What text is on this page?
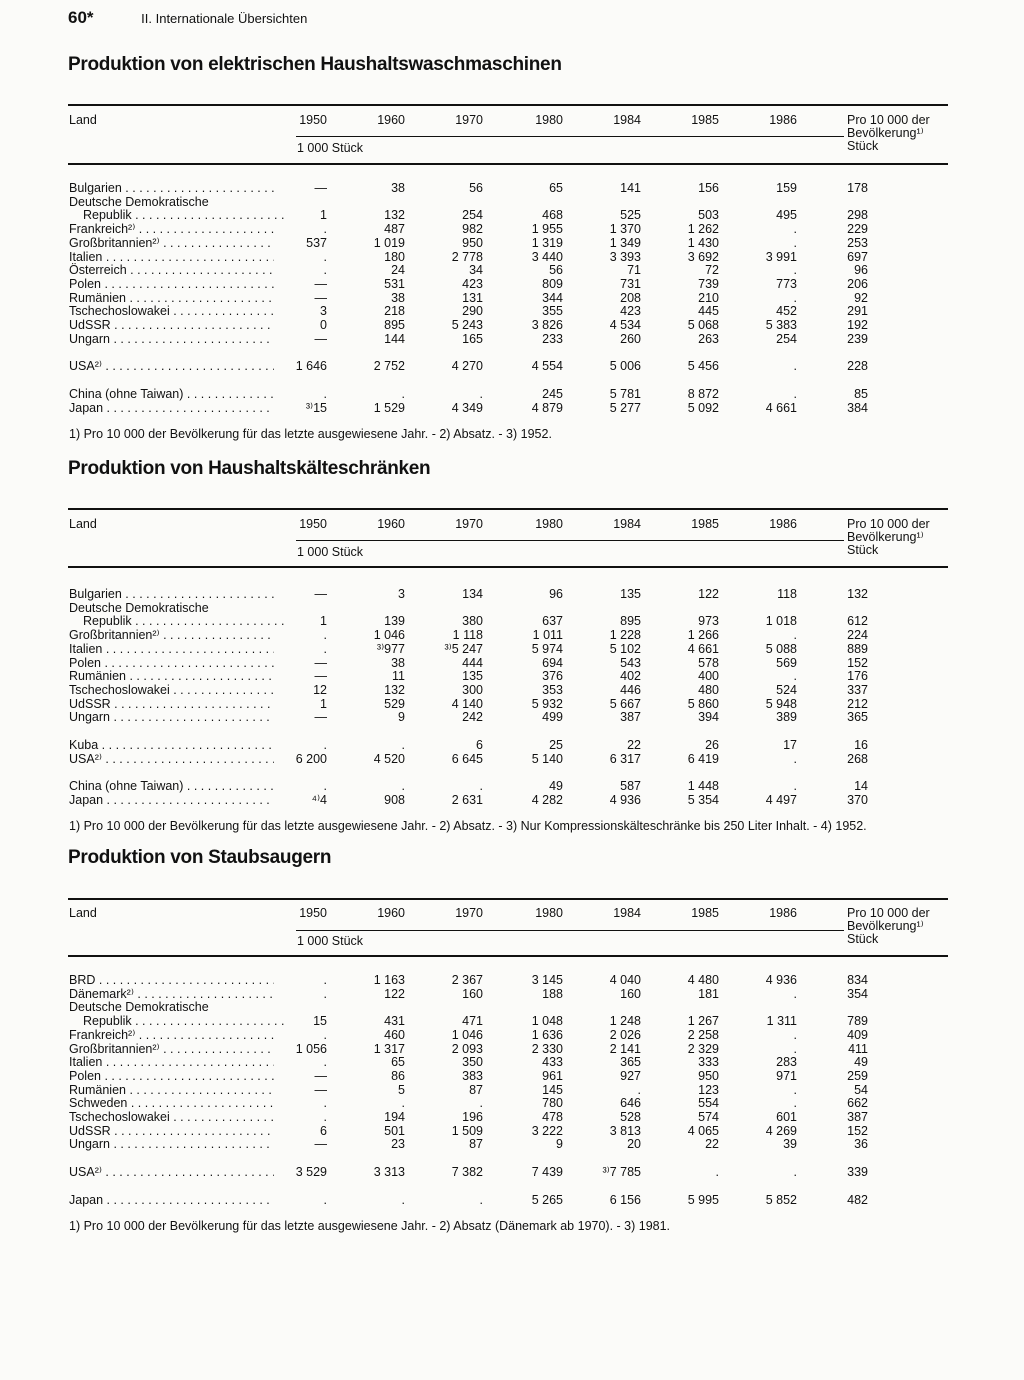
60*	II. Internationale Übersichten
Produktion von elektrischen Haushaltswaschmaschinen
Land	1950	1960	1970	1980	1984	1985	1986	Pro 10 000 der
Bevölkerung¹⁾
Stück
1 000 Stück
Bulgarien . . .	—	38	56	65	141	156	159	178
Deutsche Demokratische
Republik . . .	1	132	254	468	525	503	495	298
Frankreich²⁾ . . .	.	487	982	1 955	1 370	1 262	.	229
Großbritannien²⁾ . . .	537	1 019	950	1 319	1 349	1 430	.	253
Italien . . .	.	180	2 778	3 440	3 393	3 692	3 991	697
Österreich . . .	.	24	34	56	71	72	.	96
Polen . . .	—	531	423	809	731	739	773	206
Rumänien . . .	—	38	131	344	208	210	.	92
Tschechoslowakei . . .	3	218	290	355	423	445	452	291
UdSSR . . .	0	895	5 243	3 826	4 534	5 068	5 383	192
Ungarn . . .	—	144	165	233	260	263	254	239
USA²⁾ . . .	1 646	2 752	4 270	4 554	5 006	5 456	.	228
China (ohne Taiwan) . . .	.	.	.	245	5 781	8 872	.	85
Japan . . .	³⁾15	1 529	4 349	4 879	5 277	5 092	4 661	384
1) Pro 10 000 der Bevölkerung für das letzte ausgewiesene Jahr. - 2) Absatz. - 3) 1952.
Produktion von Haushaltskälteschränken
Land	1950	1960	1970	1980	1984	1985	1986	Pro 10 000 der
Bevölkerung¹⁾
Stück
1 000 Stück
Bulgarien . . .	—	3	134	96	135	122	118	132
Deutsche Demokratische
Republik . . .	1	139	380	637	895	973	1 018	612
Großbritannien²⁾ . . .	.	1 046	1 118	1 011	1 228	1 266	.	224
Italien . . .	.	³⁾977	³⁾5 247	5 974	5 102	4 661	5 088	889
Polen . . .	—	38	444	694	543	578	569	152
Rumänien . . .	—	11	135	376	402	400	.	176
Tschechoslowakei . . .	12	132	300	353	446	480	524	337
UdSSR . . .	1	529	4 140	5 932	5 667	5 860	5 948	212
Ungarn . . .	—	9	242	499	387	394	389	365
Kuba . . .	.	.	6	25	22	26	17	16
USA²⁾ . . .	6 200	4 520	6 645	5 140	6 317	6 419	.	268
China (ohne Taiwan) . . .	.	.	.	49	587	1 448	.	14
Japan . . .	⁴⁾4	908	2 631	4 282	4 936	5 354	4 497	370
1) Pro 10 000 der Bevölkerung für das letzte ausgewiesene Jahr. - 2) Absatz. - 3) Nur Kompressionskälteschränke bis 250 Liter Inhalt. - 4) 1952.
Produktion von Staubsaugern
Land	1950	1960	1970	1980	1984	1985	1986	Pro 10 000 der
Bevölkerung¹⁾
Stück
1 000 Stück
BRD . . .	.	1 163	2 367	3 145	4 040	4 480	4 936	834
Dänemark²⁾ . . .	.	122	160	188	160	181	.	354
Deutsche Demokratische
Republik . . .	15	431	471	1 048	1 248	1 267	1 311	789
Frankreich²⁾ . . .	.	460	1 046	1 636	2 026	2 258	.	409
Großbritannien²⁾ . . .	1 056	1 317	2 093	2 330	2 141	2 329	.	411
Italien . . .	.	65	350	433	365	333	283	49
Polen . . .	—	86	383	961	927	950	971	259
Rumänien . . .	—	5	87	145	.	123	.	54
Schweden . . .	.	.	.	780	646	554	.	662
Tschechoslowakei . . .	.	194	196	478	528	574	601	387
UdSSR . . .	6	501	1 509	3 222	3 813	4 065	4 269	152
Ungarn . . .	—	23	87	9	20	22	39	36
USA²⁾ . . .	3 529	3 313	7 382	7 439	³⁾7 785	.	.	339
Japan . . .	.	.	.	5 265	6 156	5 995	5 852	482
1) Pro 10 000 der Bevölkerung für das letzte ausgewiesene Jahr. - 2) Absatz (Dänemark ab 1970). - 3) 1981.
